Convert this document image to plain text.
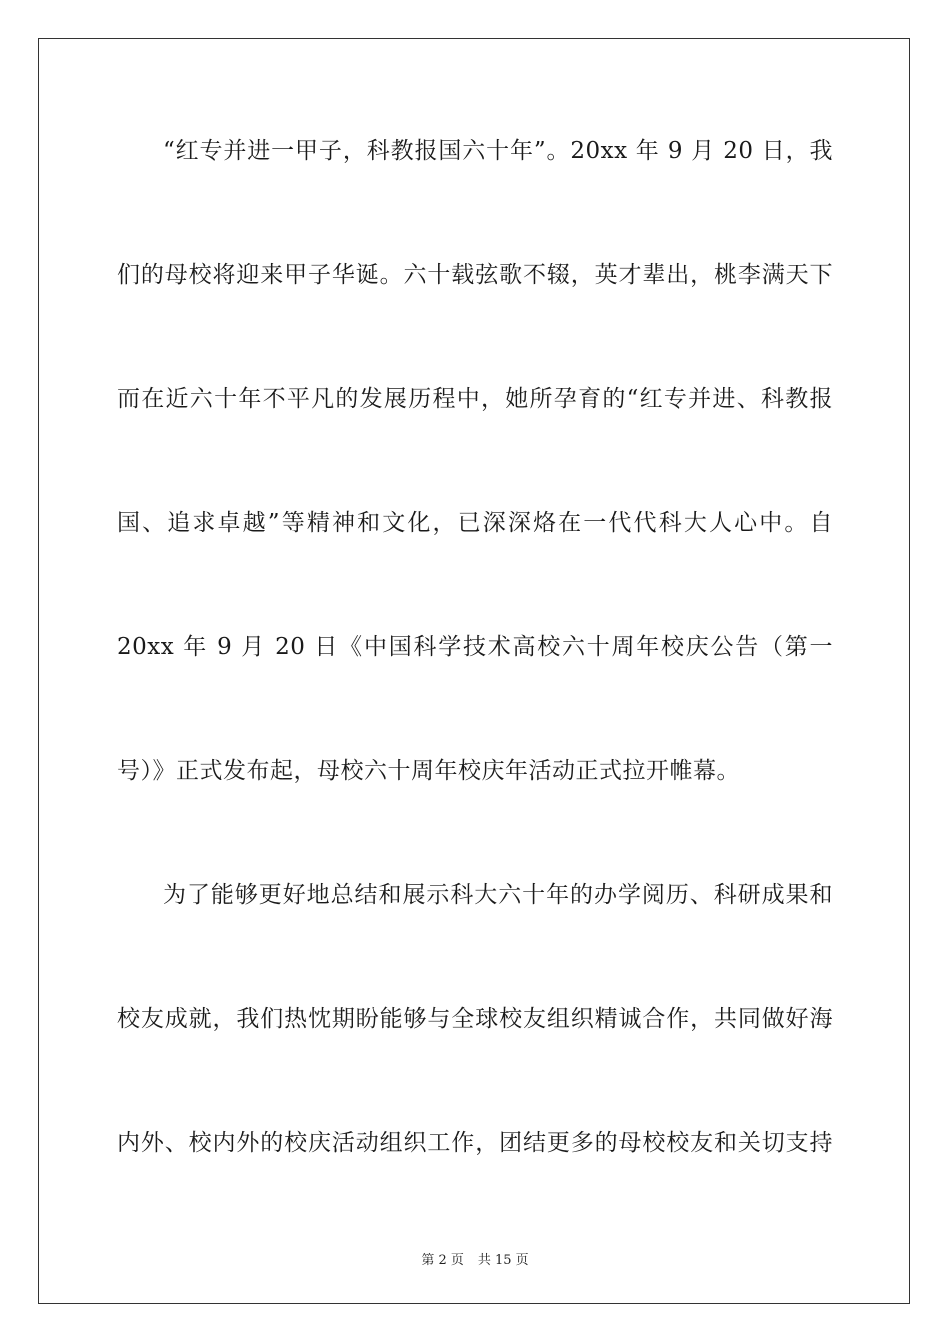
“红专并进一甲子，科教报国六十年”。20xx 年 9 月 20 日，我
们的母校将迎来甲子华诞。六十载弦歌不辍，英才辈出，桃李满天下
而在近六十年不平凡的发展历程中，她所孕育的“红专并进、科教报
国、追求卓越”等精神和文化，已深深烙在一代代科大人心中。自
20xx 年 9 月 20 日《中国科学技术高校六十周年校庆公告（第一
号）》正式发布起，母校六十周年校庆年活动正式拉开帷幕。
为了能够更好地总结和展示科大六十年的办学阅历、科研成果和
校友成就，我们热忱期盼能够与全球校友组织精诚合作，共同做好海
内外、校内外的校庆活动组织工作，团结更多的母校校友和关切支持
第 2 页 共 15 页
